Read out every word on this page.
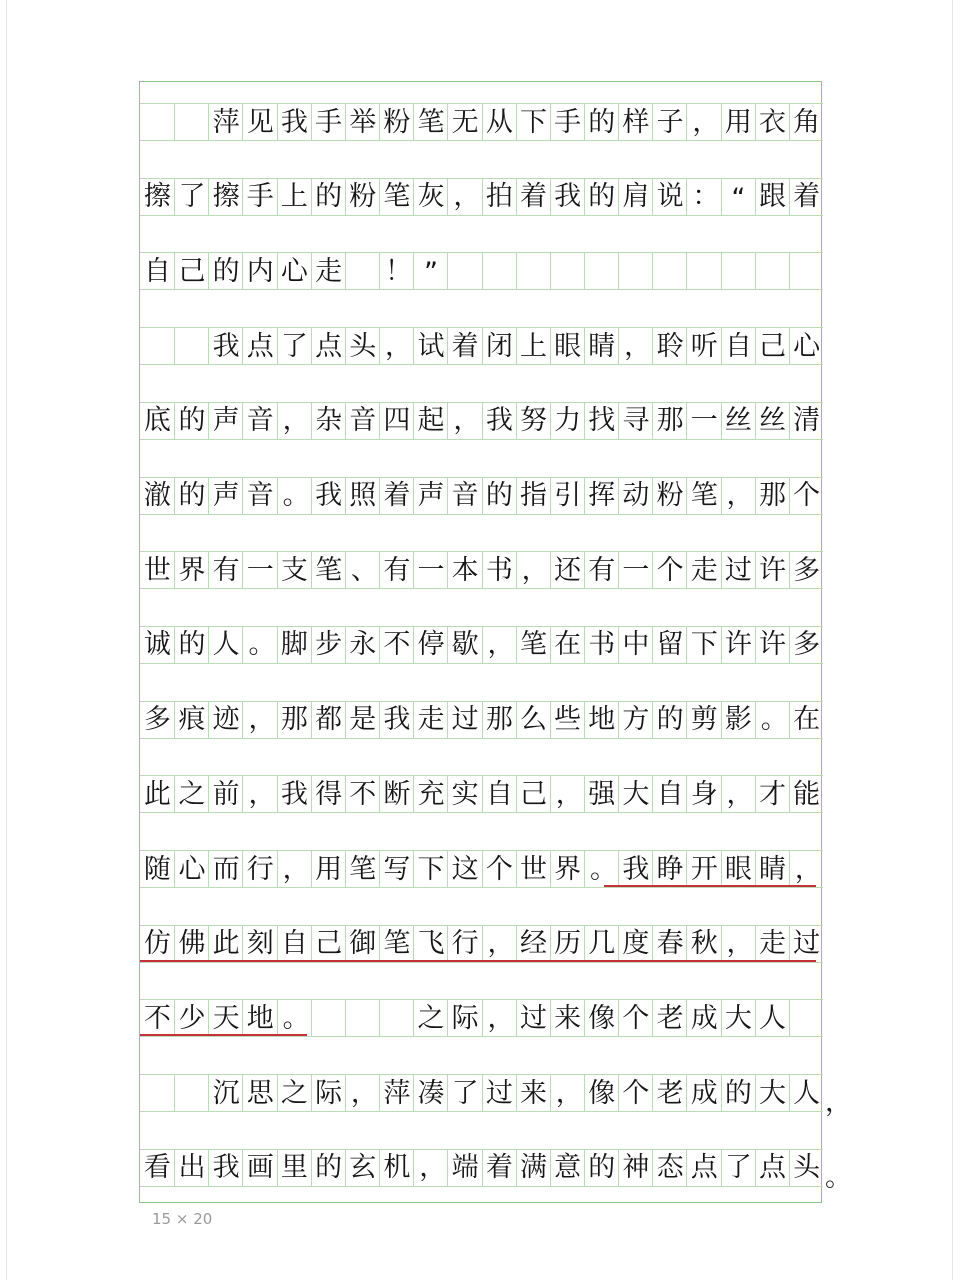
萍 见 我 手 举 粉 笔 无 从 下 手 的 样 子 ， 用 衣 角
擦 了 擦 手 上 的 粉 笔 灰 ， 拍 着 我 的 肩 说 ： “ 跟 着
自 己 的 内 心 走 ！ ”
我 点 了 点 头 ， 试 着 闭 上 眼 睛 ， 聆 听 自 己 心
底 的 声 音 ， 杂 音 四 起 ， 我 努 力 找 寻 那 一 丝 丝 清
澈 的 声 音 。 我 照 着 声 音 的 指 引 挥 动 粉 笔 ， 那 个
世 界 有 一 支 笔 、 有 一 本 书 ， 还 有 一 个 走 过 许 多
诚 的 人 。 脚 步 永 不 停 歇 ， 笔 在 书 中 留 下 许 许 多
多 痕 迹 ， 那 都 是 我 走 过 那 么 些 地 方 的 剪 影 。 在
此 之 前 ， 我 得 不 断 充 实 自 己 ， 强 大 自 身 ， 才 能
随 心 而 行 ， 用 笔 写 下 这 个 世 界 。 我 睁 开 眼 睛 ，
仿 佛 此 刻 自 己 御 笔 飞 行 ， 经 历 几 度 春 秋 ， 走 过
不 少 天 地 。	之 际 ， 过 来 像 个 老 成 大 人
沉 思 之 际 ， 萍 凑 了 过 来 ， 像 个 老 成 的 大 人 ，
看 出 我 画 里 的 玄 机 ， 端 着 满 意 的 神 态 点 了 点 头 。
15 × 20
